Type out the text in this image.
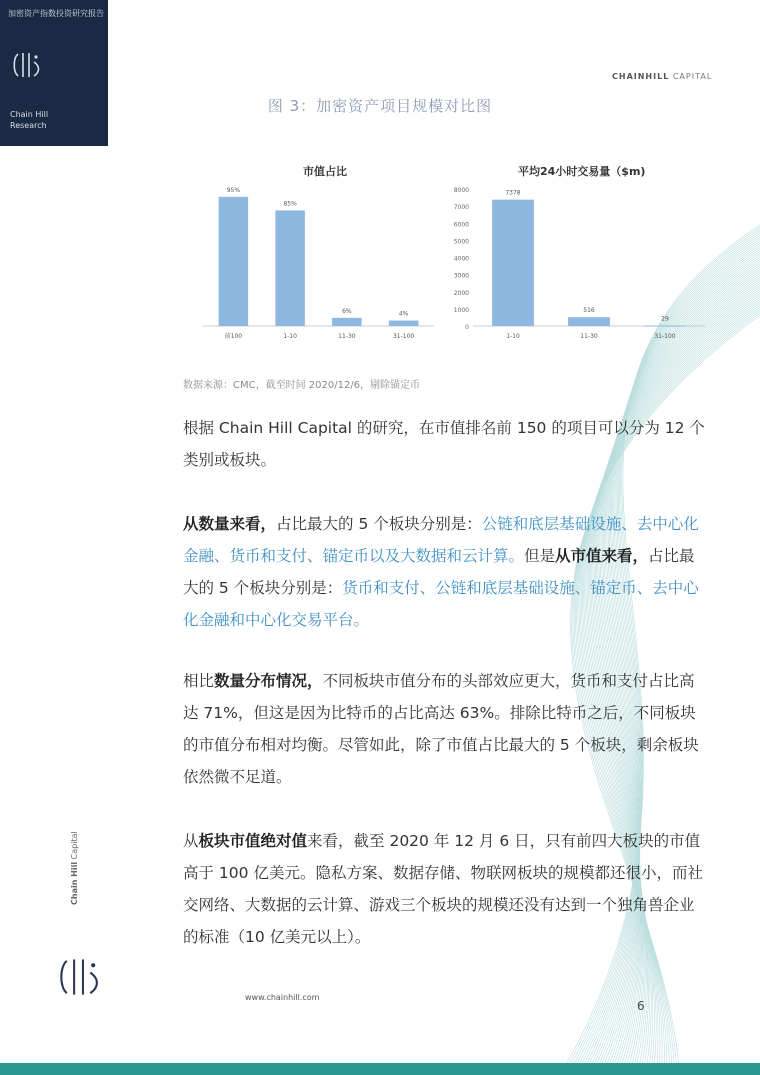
加密资产指数投资研究报告
Chain Hill
Research
CHAINHILL CAPITAL
图 3：加密资产项目规模对比图
市值占比
95%
前100
85%
1-10
6%
11-30
4%
31-100
平均24小时交易量（$m)
8000
7000
6000
5000
4000
3000
2000
1000
0
7378
1-10
516
11-30
29
31-100
数据来源：CMC，截至时间 2020/12/6，剔除锚定币
根据 Chain Hill Capital 的研究，在市值排名前 150 的项目可以分为 12 个类别或板块。
从数量来看，占比最大的 5 个板块分别是：公链和底层基础设施、去中心化金融、货币和支付、锚定币以及大数据和云计算。但是从市值来看，占比最大的 5 个板块分别是：货币和支付、公链和底层基础设施、锚定币、去中心化金融和中心化交易平台。
相比数量分布情况，不同板块市值分布的头部效应更大，货币和支付占比高达 71%，但这是因为比特币的占比高达 63%。排除比特币之后，不同板块的市值分布相对均衡。尽管如此，除了市值占比最大的 5 个板块，剩余板块依然微不足道。
从板块市值绝对值来看，截至 2020 年 12 月 6 日，只有前四大板块的市值高于 100 亿美元。隐私方案、数据存储、物联网板块的规模都还很小，而社交网络、大数据的云计算、游戏三个板块的规模还没有达到一个独角兽企业的标准（10 亿美元以上）。
Chain Hill Capital
www.chainhill.com
6
